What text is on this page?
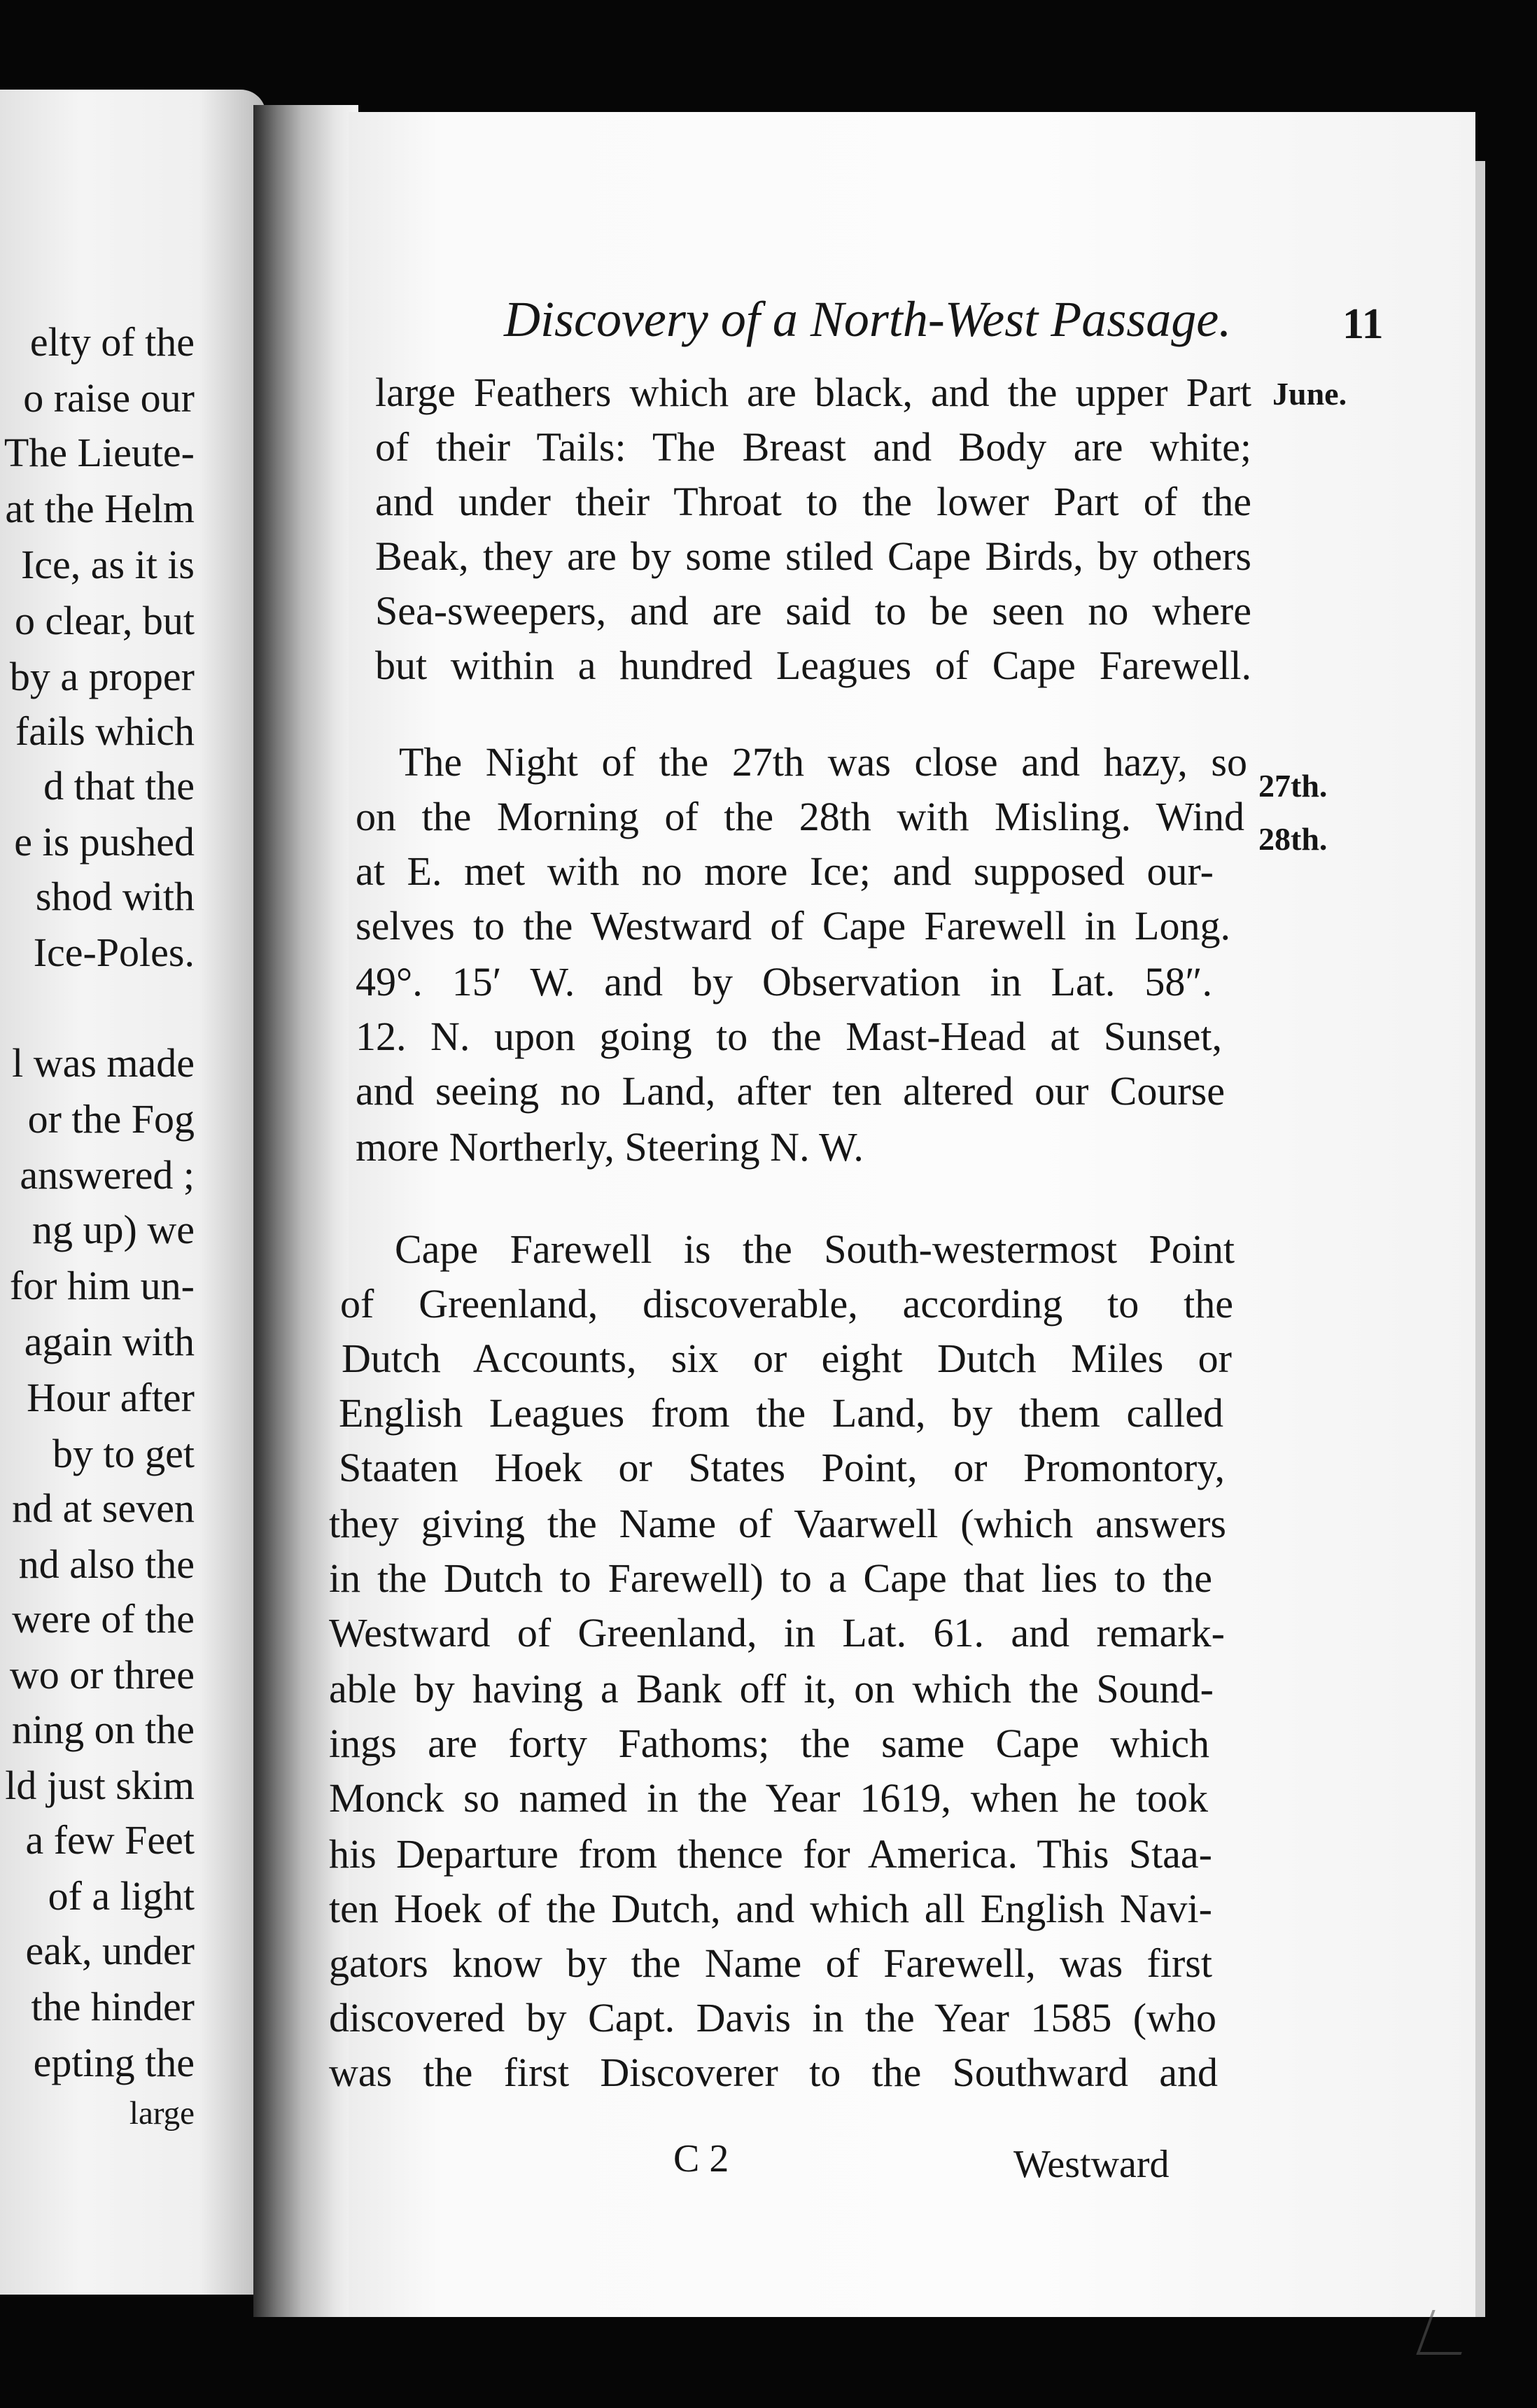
elty of the
o raise our
The Lieute-
at the Helm
Ice, as it is
o clear, but
by a proper
fails which
d that the
e is pushed
shod with
Ice-Poles.
l was made
or the Fog
answered ;
ng up) we
for him un-
again with
Hour after
by to get
nd at seven
nd also the
were of the
wo or three
ning on the
ld just skim
a few Feet
of a light
eak, under
the hinder
epting the
large
Discovery of a North-West Passage.	11
large Feathers which are black, and the upper Part
of their Tails: The Breast and Body are white;
and under their Throat to the lower Part of the
Beak, they are by some stiled Cape Birds, by others
Sea-sweepers, and are said to be seen no where
but within a hundred Leagues of Cape Farewell.
The Night of the 27th was close and hazy, so
on the Morning of the 28th with Misling. Wind
at E. met with no more Ice; and supposed our-
selves to the Westward of Cape Farewell in Long.
49°. 15′ W. and by Observation in Lat. 58″.
12. N. upon going to the Mast-Head at Sunset,
and seeing no Land, after ten altered our Course
more Northerly, Steering N. W.
Cape Farewell is the South-westermost Point
of Greenland, discoverable, according to the
Dutch Accounts, six or eight Dutch Miles or
English Leagues from the Land, by them called
Staaten Hoek or States Point, or Promontory,
they giving the Name of Vaarwell (which answers
in the Dutch to Farewell) to a Cape that lies to the
Westward of Greenland, in Lat. 61. and remark-
able by having a Bank off it, on which the Sound-
ings are forty Fathoms; the same Cape which
Monck so named in the Year 1619, when he took
his Departure from thence for America. This Staa-
ten Hoek of the Dutch, and which all English Navi-
gators know by the Name of Farewell, was first
discovered by Capt. Davis in the Year 1585 (who
was the first Discoverer to the Southward and
June.
27th.
28th.
C 2	Westward
